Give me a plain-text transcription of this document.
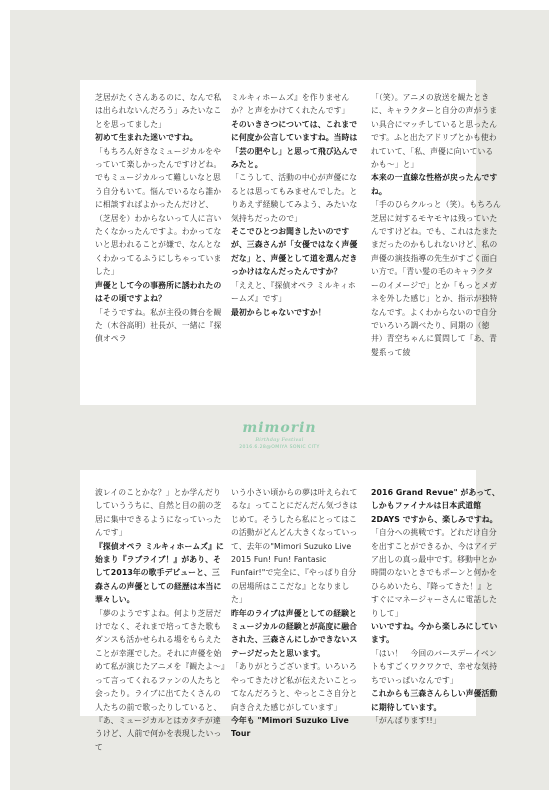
芝居がたくさんあるのに、なんで私は出られないんだろう」みたいなことを思ってました」

初めて生まれた迷いですね。

「もちろん好きなミュージカルをやっていて楽しかったんですけどね。でもミュージカルって難しいなと思う自分もいて。悩んでいるなら誰かに相談すればよかったんだけど、（芝居を）わからないって人に言いたくなかったんですよ。わかってないと思われることが嫌で、なんとなくわかってるふうにしちゃっていました」

声優として今の事務所に誘われたのはその頃ですよね？

「そうですね。私が主役の舞台を観た（木谷高明）社長が、一緒に『探偵オペラ

ミルキィホームズ』を作りませんか？と声をかけてくれたんです」

そのいきさつについては、これまでに何度か公言していますね。当時は「芸の肥やし」と思って飛び込んでみたと。

「こうして、活動の中心が声優になるとは思ってもみませんでした。とりあえず経験してみよう、みたいな気持ちだったので」

そこでひとつお聞きしたいのですが、三森さんが「女優ではなく声優だな」と、声優として道を選んだきっかけはなんだったんですか？

「ええと、『探偵オペラ ミルキィホームズ』です」

最初からじゃないですか！

「（笑）。アニメの放送を観たときに、キャラクターと自分の声がうまい具合にマッチしていると思ったんです。ふと出たアドリブとかも使われていて、「私、声優に向いているかも〜」と」

本来の一直線な性格が戻ったんですね。

「手のひらクルっと（笑）。もちろん芝居に対するモヤモヤは残っていたんですけどね。でも、これはたまたまだったのかもしれないけど、私の声優の演技指導の先生がすごく面白い方で。「青い髪の毛のキャラクターのイメージで」とか「もっとメガネを外した感じ」とか、指示が独特なんです。よくわからないので自分でいろいろ調べたり、同期の（徳井）青空ちゃんに質問して「あ、青髪系って綾

mimorin
Birthday Festival
2016.6.28@OMIYA SONIC CITY

波レイのことかな？」とか学んだりしていううちに、自然と目の前の芝居に集中できるようになっていったんです」

『探偵オペラ ミルキィホームズ』に始まり『ラブライブ！』があり、そして2013年の歌手デビューと、三森さんの声優としての経歴は本当に華々しい。

「夢のようですよね。何より芝居だけでなく、それまで培ってきた歌もダンスも活かせられる場をもらえたことが幸運でした。それに声優を始めて私が演じたアニメを『観たよ〜』って言ってくれるファンの人たちと会ったり。ライブに出てたくさんの人たちの前で歌ったりしていると、『あ、ミュージカルとはカタチが違うけど、人前で何かを表現したいって

いう小さい頃からの夢は叶えられてるな』ってことにだんだん気づきはじめて。そうしたら私にとってはこの活動がどんどん大きくなっていって、去年の"Mimori Suzuko Live 2015 Fun! Fun! Fantasic Funfair!"で完全に、『やっぱり自分の居場所はここだな』となりました」

昨年のライブは声優としての経験とミュージカルの経験とが高度に融合された、三森さんにしかできないステージだったと思います。

「ありがとうございます。いろいろやってきたけど私が伝えたいことってなんだろうと、やっとこさ自分と向き合えた感じがしています」

今年も "Mimori Suzuko Live Tour

2016 Grand Revue" があって、しかもファイナルは日本武道館 2DAYS ですから、楽しみですね。

「自分への挑戦です。どれだけ自分を出すことができるか、今はアイデア出しの真っ最中です。移動中とか時間のないときでもポーンと何かをひらめいたら、『降ってきた！』とすぐにマネージャーさんに電話したりして」

いいですね。今から楽しみにしています。

「はい！　今回のバースデーイベントもすごくワクワクで、幸せな気持ちでいっぱいなんです」

これからも三森さんらしい声優活動に期待しています。

「がんばります!!」
